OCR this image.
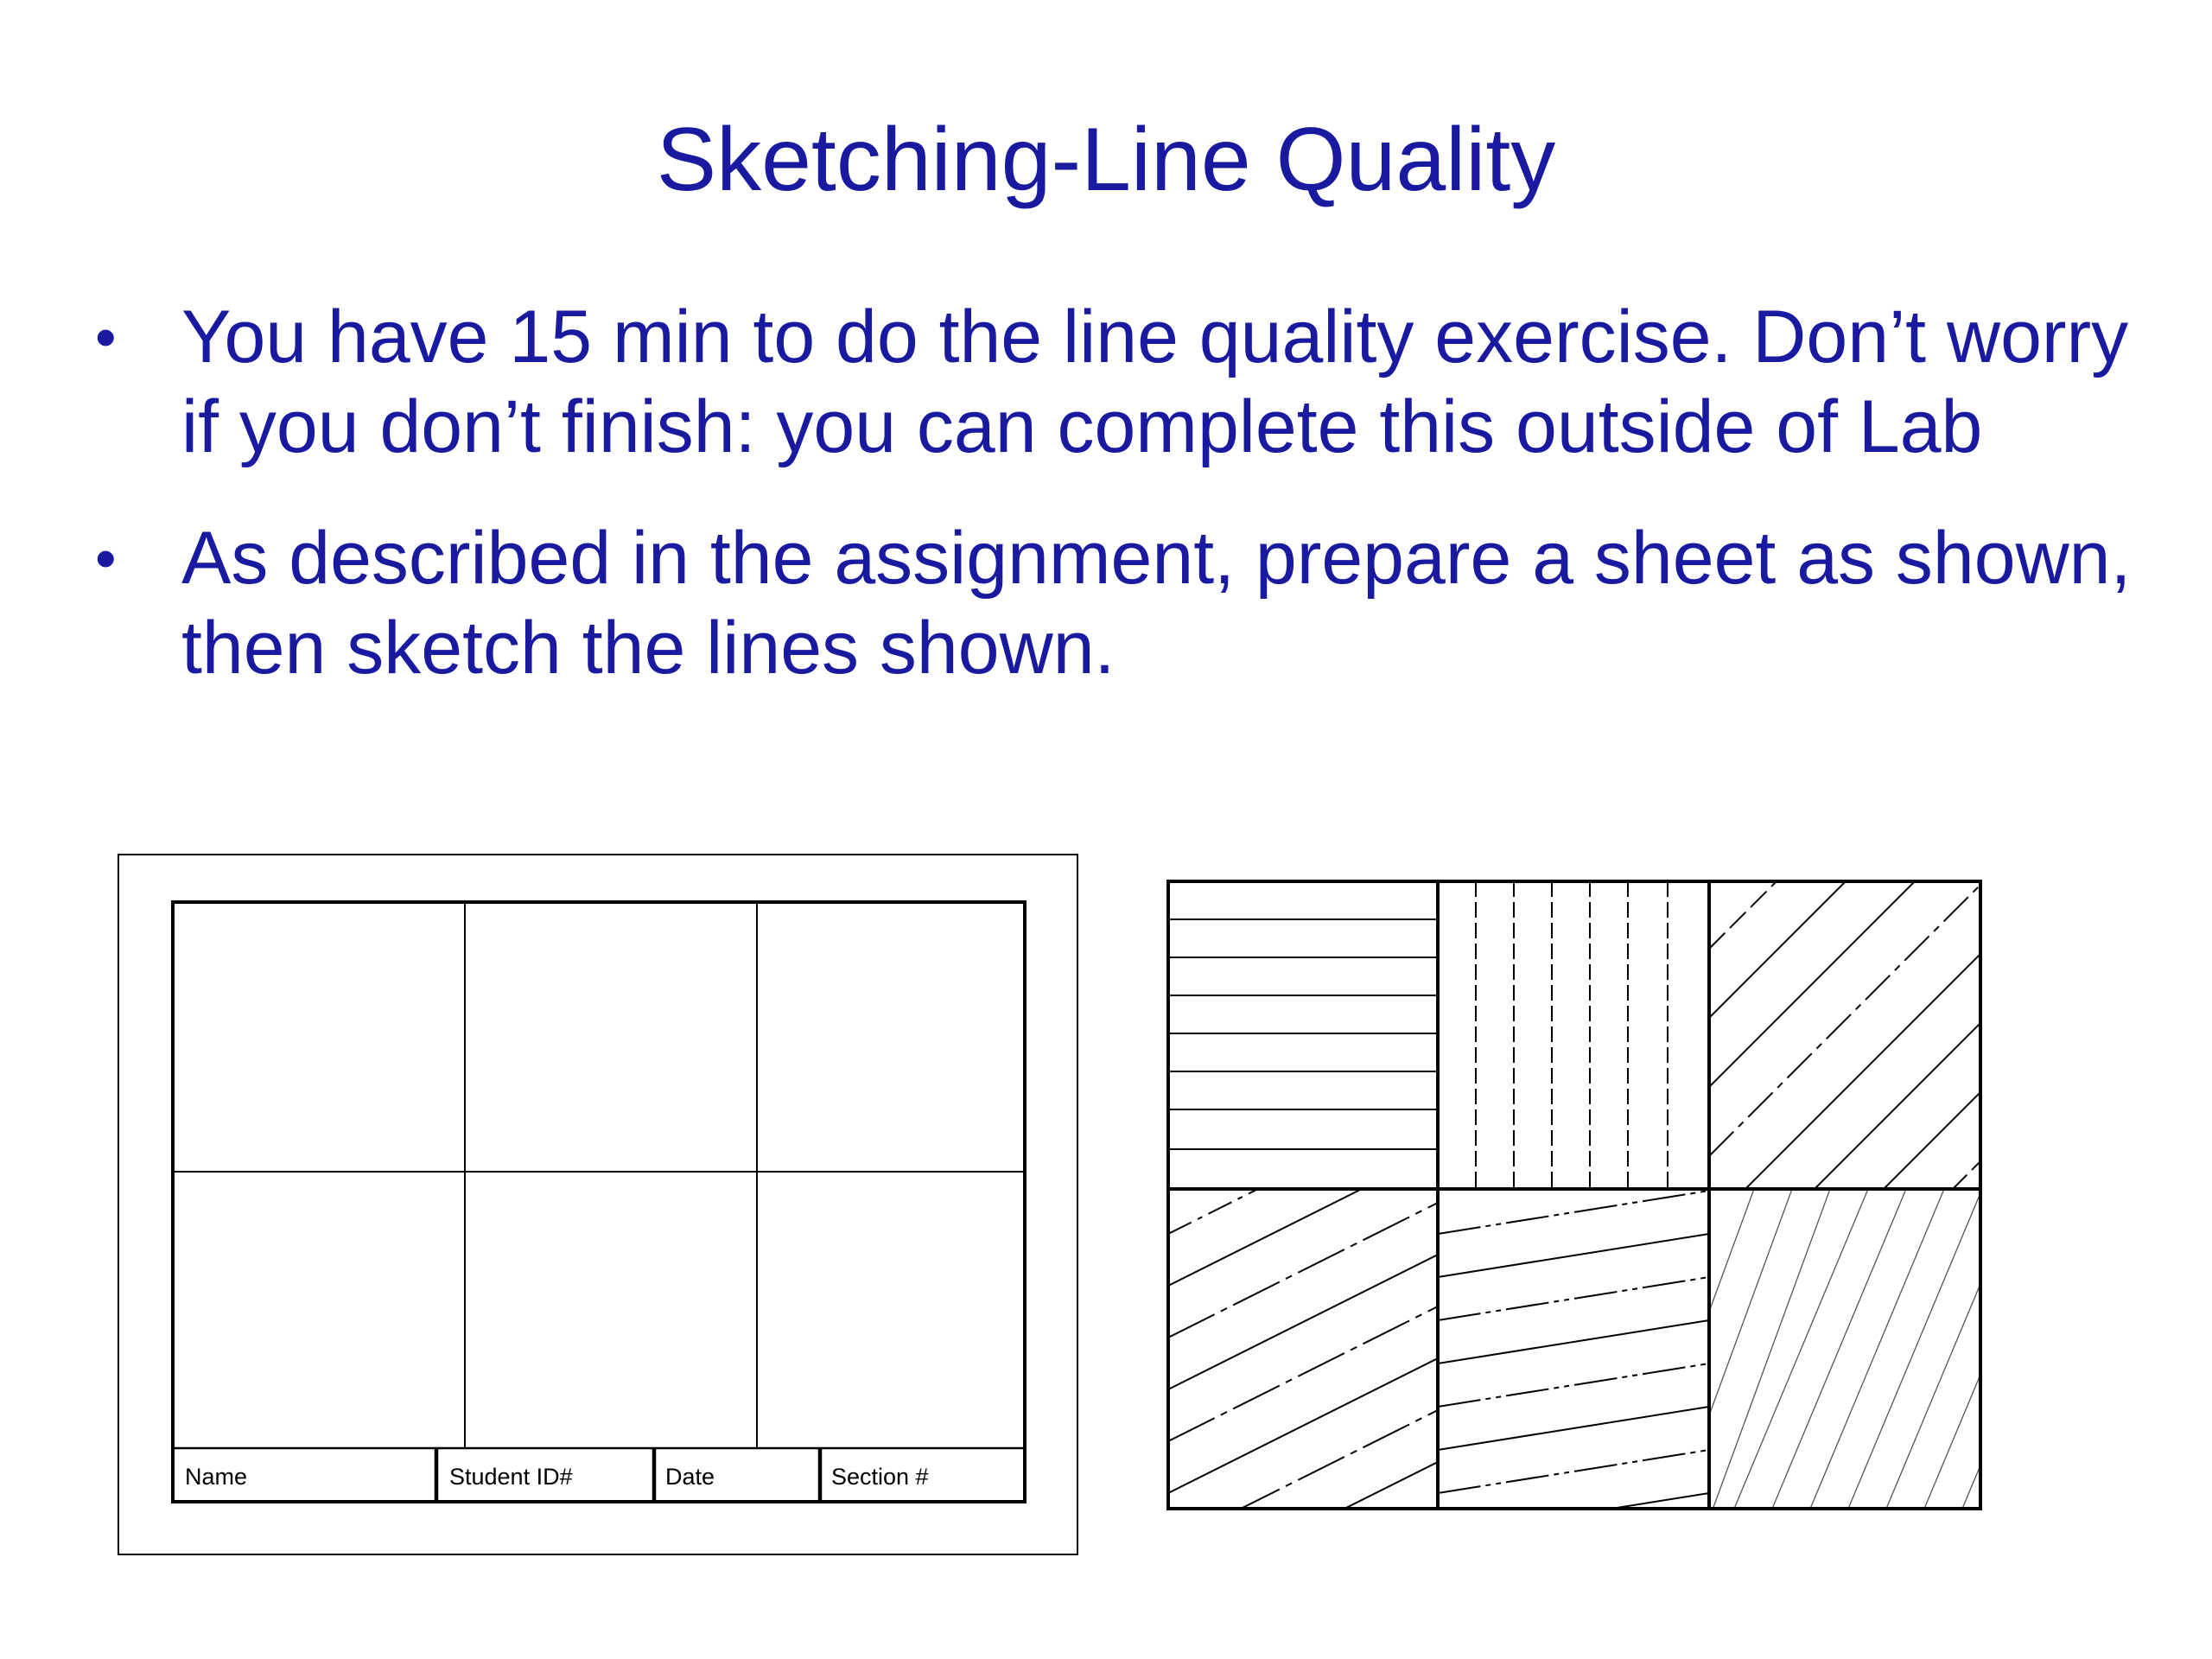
Sketching-Line Quality
• You have 15 min to do the line quality exercise. Don’t worry if you don’t finish: you can complete this outside of Lab
• As described in the assignment, prepare a sheet as shown, then sketch the lines shown.
Name	Student ID#	Date	Section #
